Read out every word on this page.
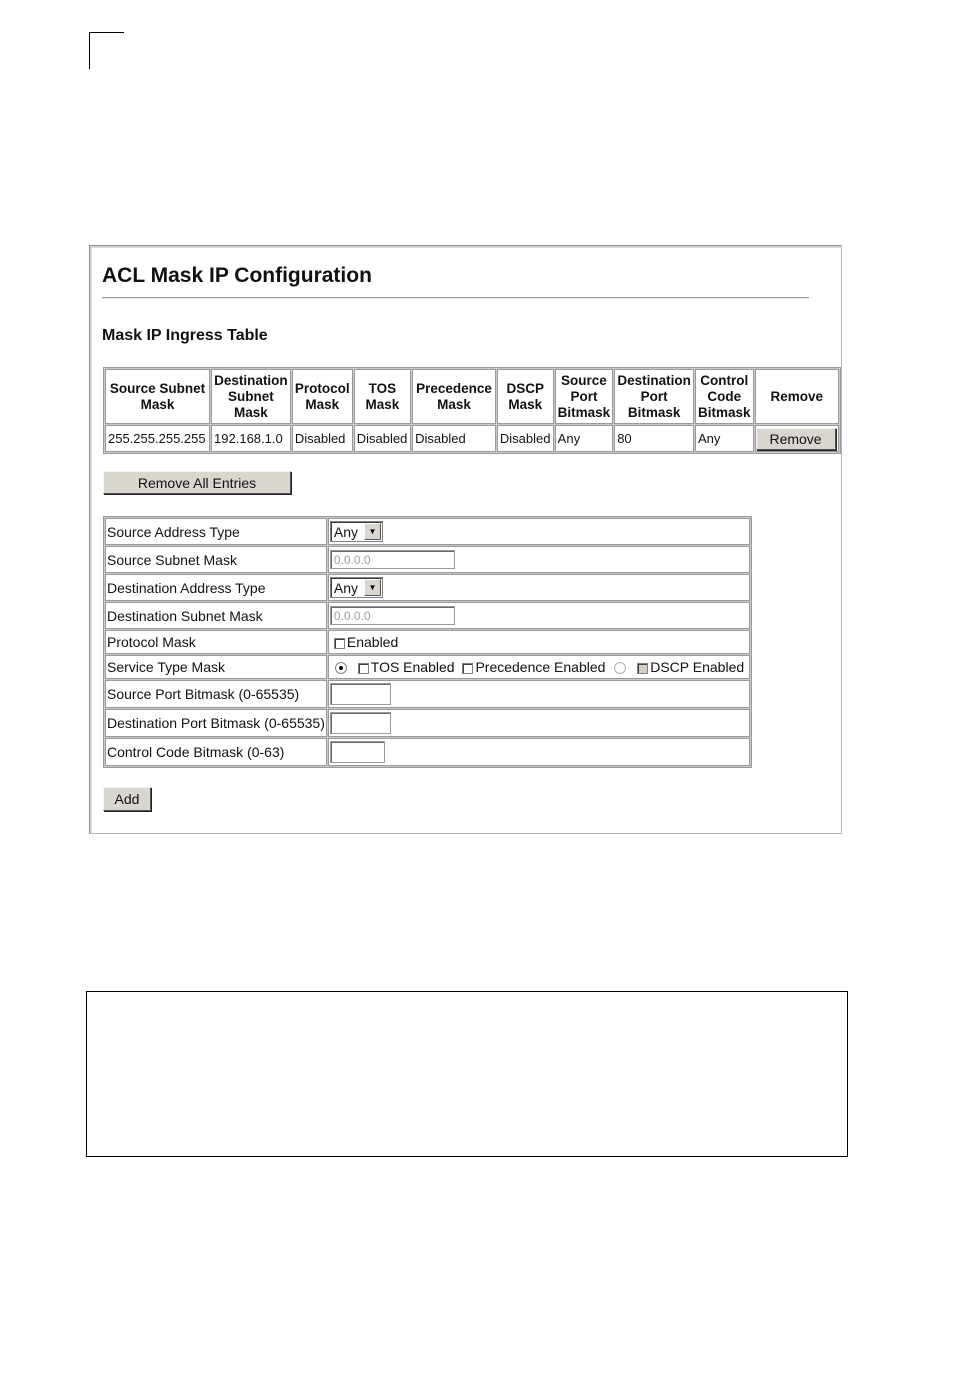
ACL Mask IP Configuration
Mask IP Ingress Table
Source Subnet
Mask	Destination
Subnet
Mask	Protocol
Mask	TOS
Mask	Precedence
Mask	DSCP
Mask	Source
Port
Bitmask	Destination
Port
Bitmask	Control
Code
Bitmask	Remove
255.255.255.255	192.168.1.0	Disabled	Disabled	Disabled	Disabled	Any	80	Any	Remove
Remove All Entries
Source Address Type	Any ▼

Source Subnet Mask	0.0.0.0
Destination Address Type	Any ▼

Destination Subnet Mask	0.0.0.0
Protocol Mask	Enabled
Service Type Mask	TOS Enabled Precedence Enabled DSCP Enabled
Source Port Bitmask (0-65535)	
Destination Port Bitmask (0-65535)	
Control Code Bitmask (0-63)	
Add
